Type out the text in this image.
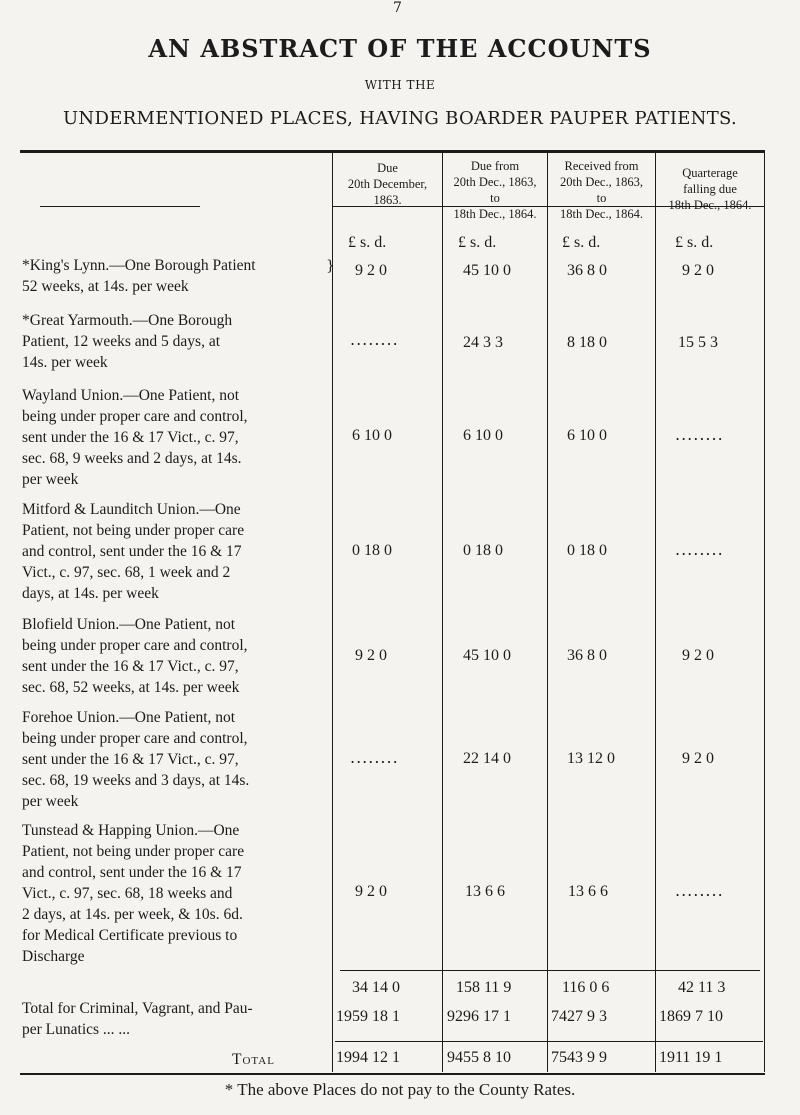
7
AN ABSTRACT OF THE ACCOUNTS
WITH THE
UNDERMENTIONED PLACES, HAVING BOARDER PAUPER PATIENTS.
Due
20th December,
1863.
Due from
20th Dec., 1863,
to
18th Dec., 1864.
Received from
20th Dec., 1863,
to
18th Dec., 1864.
Quarterage
falling due
18th Dec., 1864.
£ s. d.	£ s. d.	£ s. d.	£ s. d.
*King's Lynn.—One Borough Patient
52 weeks, at 14s. per week
} 9 2 0	45 10 0	36 8 0	9 2 0
*Great Yarmouth.—One Borough
Patient, 12 weeks and 5 days, at
14s. per week
........	24 3 3	8 18 0	15 5 3
Wayland Union.—One Patient, not
being under proper care and control,
sent under the 16 & 17 Vict., c. 97,
sec. 68, 9 weeks and 2 days, at 14s.
per week
6 10 0	6 10 0	6 10 0	........
Mitford & Launditch Union.—One
Patient, not being under proper care
and control, sent under the 16 & 17
Vict., c. 97, sec. 68, 1 week and 2
days, at 14s. per week
0 18 0	0 18 0	0 18 0	........
Blofield Union.—One Patient, not
being under proper care and control,
sent under the 16 & 17 Vict., c. 97,
sec. 68, 52 weeks, at 14s. per week
9 2 0	45 10 0	36 8 0	9 2 0
Forehoe Union.—One Patient, not
being under proper care and control,
sent under the 16 & 17 Vict., c. 97,
sec. 68, 19 weeks and 3 days, at 14s.
per week
........	22 14 0	13 12 0	9 2 0
Tunstead & Happing Union.—One
Patient, not being under proper care
and control, sent under the 16 & 17
Vict., c. 97, sec. 68, 18 weeks and
2 days, at 14s. per week, & 10s. 6d.
for Medical Certificate previous to
Discharge
9 2 0	13 6 6	13 6 6	........
34 14 0	158 11 9	116 0 6	42 11 3
Total for Criminal, Vagrant, and Pau-
per Lunatics ... ...
1959 18 1	9296 17 1	7427 9 3	1869 7 10
Total	1994 12 1	9455 8 10	7543 9 9	1911 19 1
* The above Places do not pay to the County Rates.
